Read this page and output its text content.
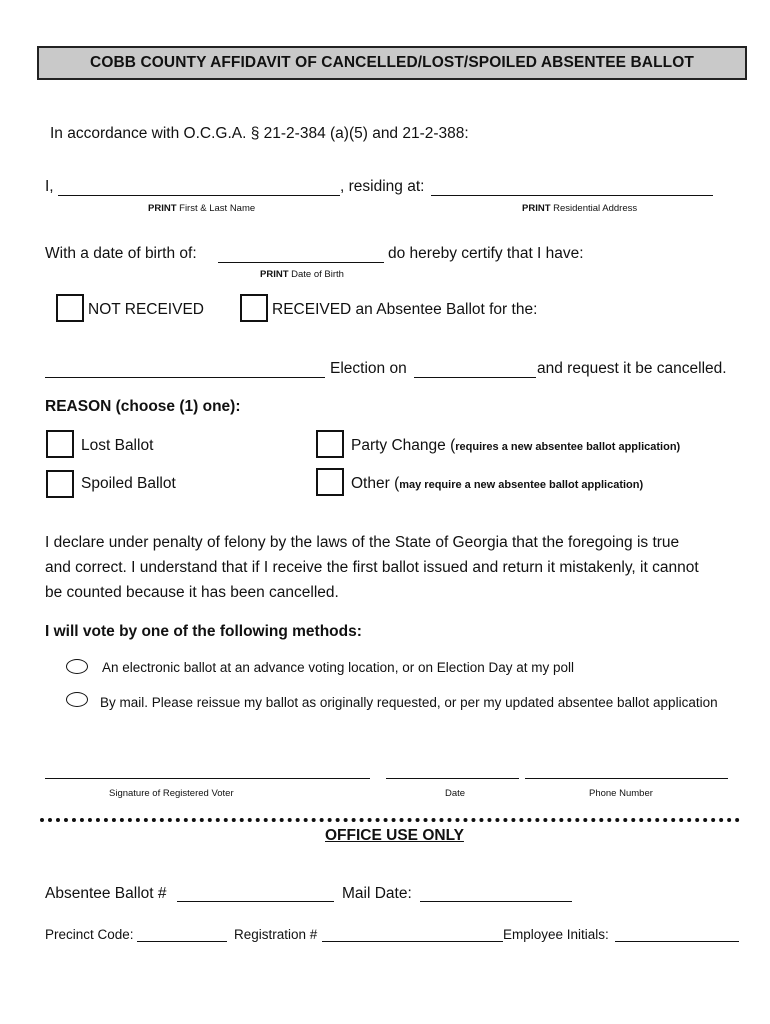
COBB COUNTY AFFIDAVIT OF CANCELLED/LOST/SPOILED ABSENTEE BALLOT
In accordance with O.C.G.A. § 21-2-384 (a)(5) and 21-2-388:
I,	, residing at:
PRINT First & Last Name	PRINT Residential Address
With a date of birth of:	do hereby certify that I have:
PRINT Date of Birth
NOT RECEIVED	RECEIVED an Absentee Ballot for the:
Election on	and request it be cancelled.
REASON (choose (1) one):
Lost Ballot	Party Change (requires a new absentee ballot application)
Spoiled Ballot	Other (may require a new absentee ballot application)
I declare under penalty of felony by the laws of the State of Georgia that the foregoing is true
and correct. I understand that if I receive the first ballot issued and return it mistakenly, it cannot
be counted because it has been cancelled.
I will vote by one of the following methods:
An electronic ballot at an advance voting location, or on Election Day at my poll
By mail. Please reissue my ballot as originally requested, or per my updated absentee ballot application
Signature of Registered Voter	Date	Phone Number
OFFICE USE ONLY
Absentee Ballot #	Mail Date:
Precinct Code:	Registration #	Employee Initials:
